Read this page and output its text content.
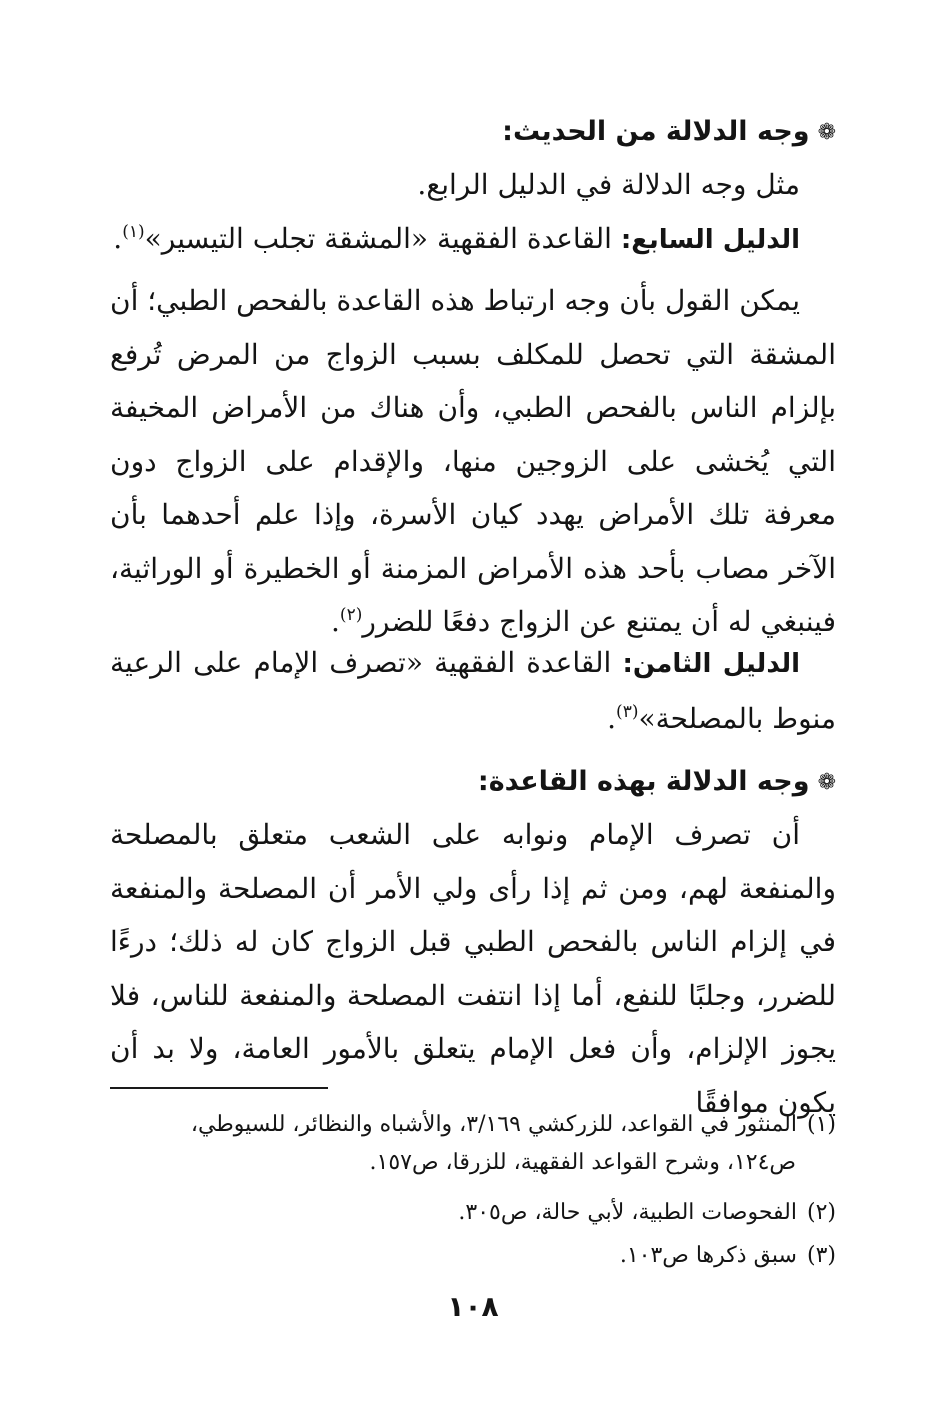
❁وجه الدلالة من الحديث:
مثل وجه الدلالة في الدليل الرابع.
الدليل السابع: القاعدة الفقهية «المشقة تجلب التيسير»$^{(١)}$.
يمكن القول بأن وجه ارتباط هذه القاعدة بالفحص الطبي؛ أن المشقة التي تحصل للمكلف بسبب الزواج من المرض تُرفع بإلزام الناس بالفحص الطبي، وأن هناك من الأمراض المخيفة التي يُخشى على الزوجين منها، والإقدام على الزواج دون معرفة تلك الأمراض يهدد كيان الأسرة، وإذا علم أحدهما بأن الآخر مصاب بأحد هذه الأمراض المزمنة أو الخطيرة أو الوراثية، فينبغي له أن يمتنع عن الزواج دفعًا للضرر$^{(٢)}$.
الدليل الثامن: القاعدة الفقهية «تصرف الإمام على الرعية منوط بالمصلحة»$^{(٣)}$.
❁وجه الدلالة بهذه القاعدة:
أن تصرف الإمام ونوابه على الشعب متعلق بالمصلحة والمنفعة لهم، ومن ثم إذا رأى ولي الأمر أن المصلحة والمنفعة في إلزام الناس بالفحص الطبي قبل الزواج كان له ذلك؛ درءًا للضرر، وجلبًا للنفع، أما إذا انتفت المصلحة والمنفعة للناس، فلا يجوز الإلزام، وأن فعل الإمام يتعلق بالأمور العامة، ولا بد أن يكون موافقًا
(١)المنثور في القواعد، للزركشي ٣/١٦٩، والأشباه والنظائر، للسيوطي،
ص١٢٤، وشرح القواعد الفقهية، للزرقا، ص١٥٧.
(٢)الفحوصات الطبية، لأبي حالة، ص٣٠٥.
(٣)سبق ذكرها ص١٠٣.
١٠٨
